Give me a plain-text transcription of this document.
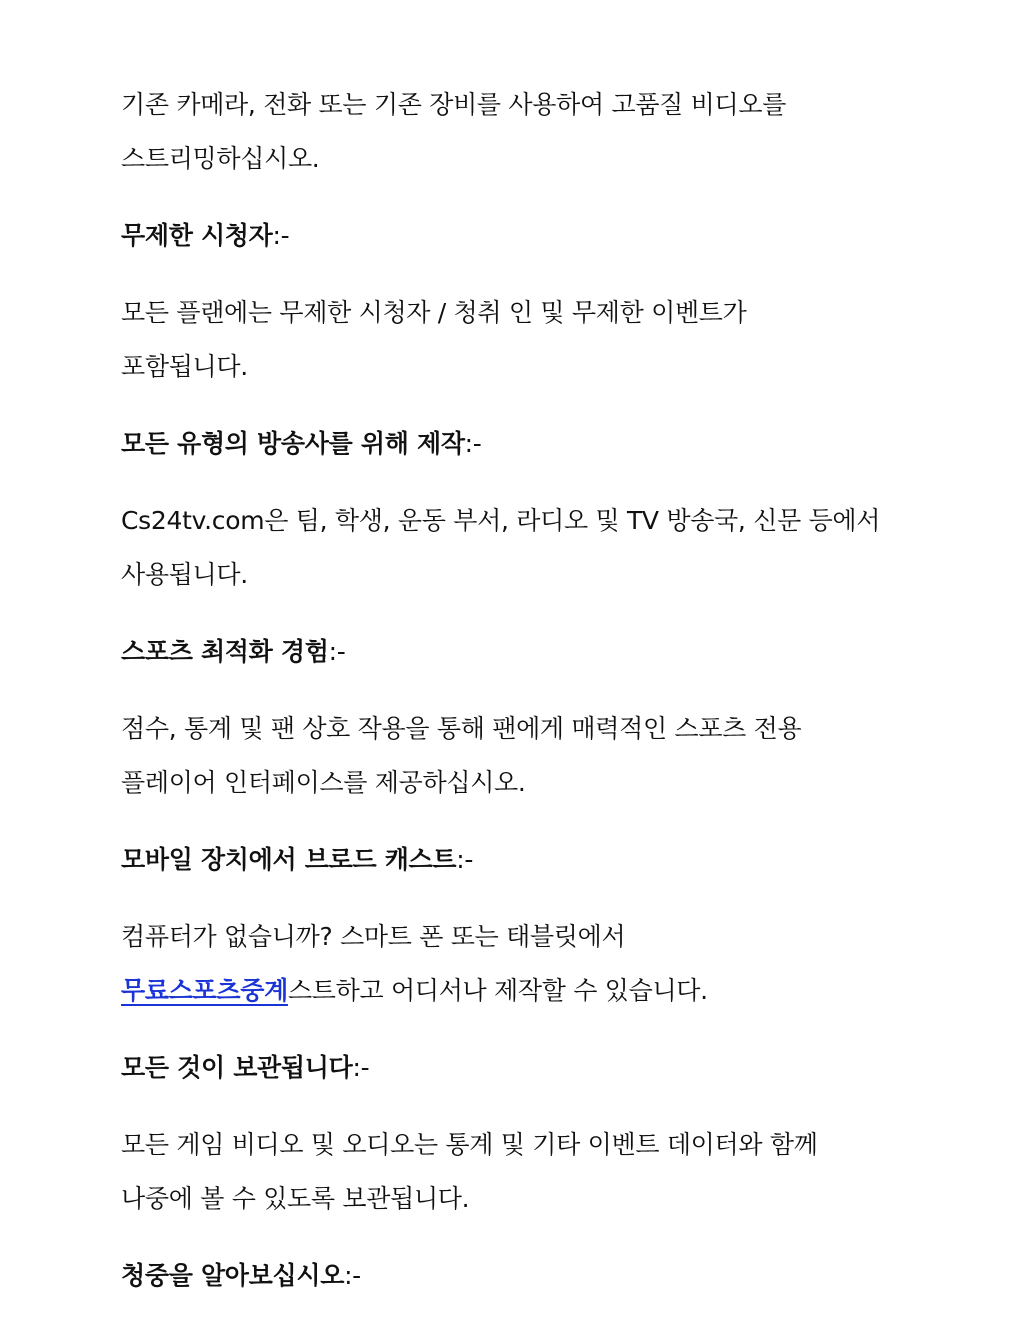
기존 카메라, 전화 또는 기존 장비를 사용하여 고품질 비디오를
스트리밍하십시오.

무제한 시청자:-

모든 플랜에는 무제한 시청자 / 청취 인 및 무제한 이벤트가
포함됩니다.

모든 유형의 방송사를 위해 제작:-

Cs24tv.com은 팀, 학생, 운동 부서, 라디오 및 TV 방송국, 신문 등에서
사용됩니다.

스포츠 최적화 경험:-

점수, 통계 및 팬 상호 작용을 통해 팬에게 매력적인 스포츠 전용
플레이어 인터페이스를 제공하십시오.

모바일 장치에서 브로드 캐스트:-

컴퓨터가 없습니까? 스마트 폰 또는 태블릿에서
무료스포츠중계스트하고 어디서나 제작할 수 있습니다.

모든 것이 보관됩니다:-

모든 게임 비디오 및 오디오는 통계 및 기타 이벤트 데이터와 함께
나중에 볼 수 있도록 보관됩니다.

청중을 알아보십시오:-
